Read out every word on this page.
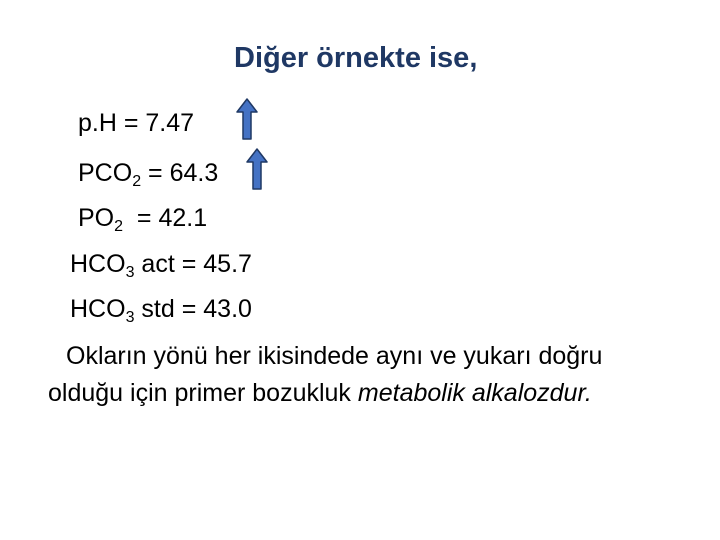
Diğer örnekte ise,
p.H = 7.47
$PCO_2 = 64.3$
$PO_2 = 42.1$
$HCO_3$ act = 45.7
$HCO_3$ std = 43.0
Okların yönü her ikisindede aynı ve yukarı doğru olduğu için primer bozukluk metabolik alkalozdur.
